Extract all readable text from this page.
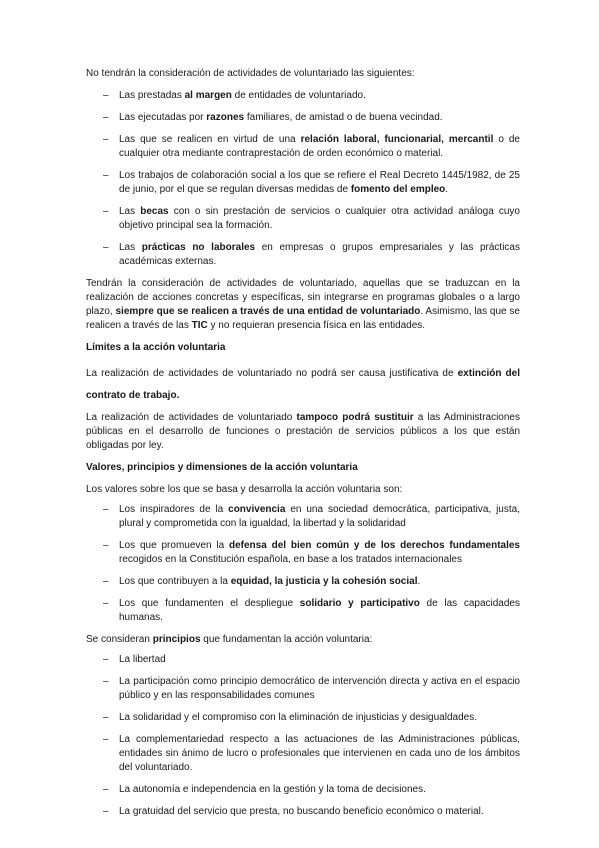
No tendrán la consideración de actividades de voluntariado las siguientes:

– Las prestadas al margen de entidades de voluntariado.
– Las ejecutadas por razones familiares, de amistad o de buena vecindad.
– Las que se realicen en virtud de una relación laboral, funcionarial, mercantil o de cualquier otra mediante contraprestación de orden económico o material.
– Los trabajos de colaboración social a los que se refiere el Real Decreto 1445/1982, de 25 de junio, por el que se regulan diversas medidas de fomento del empleo.
– Las becas con o sin prestación de servicios o cualquier otra actividad análoga cuyo objetivo principal sea la formación.
– Las prácticas no laborales en empresas o grupos empresariales y las prácticas académicas externas.

Tendrán la consideración de actividades de voluntariado, aquellas que se traduzcan en la realización de acciones concretas y específicas, sin integrarse en programas globales o a largo plazo, siempre que se realicen a través de una entidad de voluntariado. Asimismo, las que se realicen a través de las TIC y no requieran presencia física en las entidades.

Límites a la acción voluntaria

La realización de actividades de voluntariado no podrá ser causa justificativa de extinción del contrato de trabajo.

La realización de actividades de voluntariado tampoco podrá sustituir a las Administraciones públicas en el desarrollo de funciones o prestación de servicios públicos a los que están obligadas por ley.

Valores, principios y dimensiones de la acción voluntaria

Los valores sobre los que se basa y desarrolla la acción voluntaria son:

– Los inspiradores de la convivencia en una sociedad democrática, participativa, justa, plural y comprometida con la igualdad, la libertad y la solidaridad
– Los que promueven la defensa del bien común y de los derechos fundamentales recogidos en la Constitución española, en base a los tratados internacionales
– Los que contribuyen a la equidad, la justicia y la cohesión social.
– Los que fundamenten el despliegue solidario y participativo de las capacidades humanas.

Se consideran principios que fundamentan la acción voluntaria:

– La libertad
– La participación como principio democrático de intervención directa y activa en el espacio público y en las responsabilidades comunes
– La solidaridad y el compromiso con la eliminación de injusticias y desigualdades.
– La complementariedad respecto a las actuaciones de las Administraciones públicas, entidades sin ánimo de lucro o profesionales que intervienen en cada uno de los ámbitos del voluntariado.
– La autonomía e independencia en la gestión y la toma de decisiones.
– La gratuidad del servicio que presta, no buscando beneficio económico o material.
